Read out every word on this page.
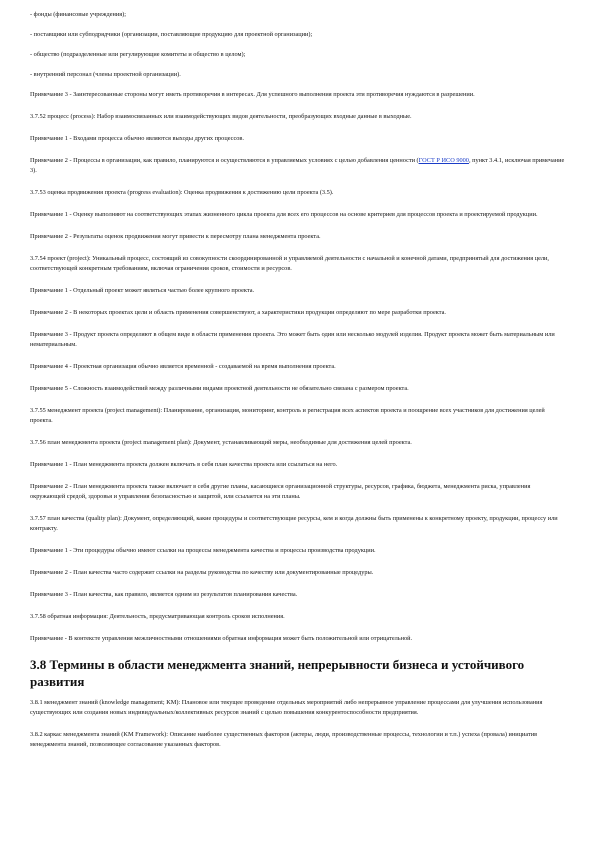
- фонды (финансовые учреждения);

- поставщики или субподрядчики (организации, поставляющие продукцию для проектной организации);

- общество (подразделенные или регулирующие комитеты и общество в целом);

- внутренний персонал (члены проектной организации).

Примечание 3 - Заинтересованные стороны могут иметь противоречия в интересах. Для успешного выполнения проекта эти противоречия нуждаются в разрешении.

3.7.52 процесс (process): Набор взаимосвязанных или взаимодействующих видов деятельности, преобразующих входные данные в выходные.

Примечание 1 - Входами процесса обычно являются выходы других процессов.

Примечание 2 - Процессы в организации, как правило, планируются и осуществляются в управляемых условиях с целью добавления ценности (ГОСТ Р ИСО 9000, пункт 3.4.1, исключая примечание 3).

3.7.53 оценка продвижения проекта (progress evaluation): Оценка продвижения к достижению цели проекта (3.5).

Примечание 1 - Оценку выполняют на соответствующих этапах жизненного цикла проекта для всех его процессов на основе критериев для процессов проекта и проектируемой продукции.

Примечание 2 - Результаты оценок продвижения могут привести к пересмотру плана менеджмента проекта.

3.7.54 проект (project): Уникальный процесс, состоящий из совокупности скоординированной и управляемой деятельности с начальной и конечной датами, предпринятый для достижения цели, соответствующей конкретным требованиям, включая ограничения сроков, стоимости и ресурсов.

Примечание 1 - Отдельный проект может являться частью более крупного проекта.

Примечание 2 - В некоторых проектах цели и область применения совершенствуют, а характеристики продукции определяют по мере разработки проекта.

Примечание 3 - Продукт проекта определяют в общем виде в области применения проекта. Это может быть один или несколько модулей изделия. Продукт проекта может быть материальным или нематериальным.

Примечание 4 - Проектная организация обычно является временной - создаваемой на время выполнения проекта.

Примечание 5 - Сложность взаимодействий между различными видами проектной деятельности не обязательно связана с размером проекта.

3.7.55 менеджмент проекта (project management): Планирование, организация, мониторинг, контроль и регистрация всех аспектов проекта и поощрение всех участников для достижения целей проекта.

3.7.56 план менеджмента проекта (project management plan): Документ, устанавливающий меры, необходимые для достижения целей проекта.

Примечание 1 - План менеджмента проекта должен включать в себя план качества проекта или ссылаться на него.

Примечание 2 - План менеджмента проекта также включает в себя другие планы, касающиеся организационной структуры, ресурсов, графика, бюджета, менеджмента риска, управления окружающей средой, здоровья и управления безопасностью и защитой, или ссылается на эти планы.

3.7.57 план качества (quality plan): Документ, определяющий, какие процедуры и соответствующие ресурсы, кем и когда должны быть применены к конкретному проекту, продукции, процессу или контракту.

Примечание 1 - Эти процедуры обычно имеют ссылки на процессы менеджмента качества и процессы производства продукции.

Примечание 2 - План качества часто содержит ссылки на разделы руководства по качеству или документированные процедуры.

Примечание 3 - План качества, как правило, является одним из результатов планирования качества.

3.7.58 обратная информация: Деятельность, предусматривающая контроль сроков исполнения.

Примечание - В контексте управления межличностными отношениями обратная информация может быть положительной или отрицательной.

3.8 Термины в области менеджмента знаний, непрерывности бизнеса и устойчивого развития

3.8.1 менеджмент знаний (knowledge management; KM): Плановое или текущее проведение отдельных мероприятий либо непрерывное управление процессами для улучшения использования существующих или создания новых индивидуальных/коллективных ресурсов знаний с целью повышения конкурентоспособности предприятия.

3.8.2 каркас менеджмента знаний (KM Framework): Описание наиболее существенных факторов (актеры, люди, производственные процессы, технологии и т.п.) успеха (провала) инициатив менеджмента знаний, позволяющее согласование указанных факторов.
